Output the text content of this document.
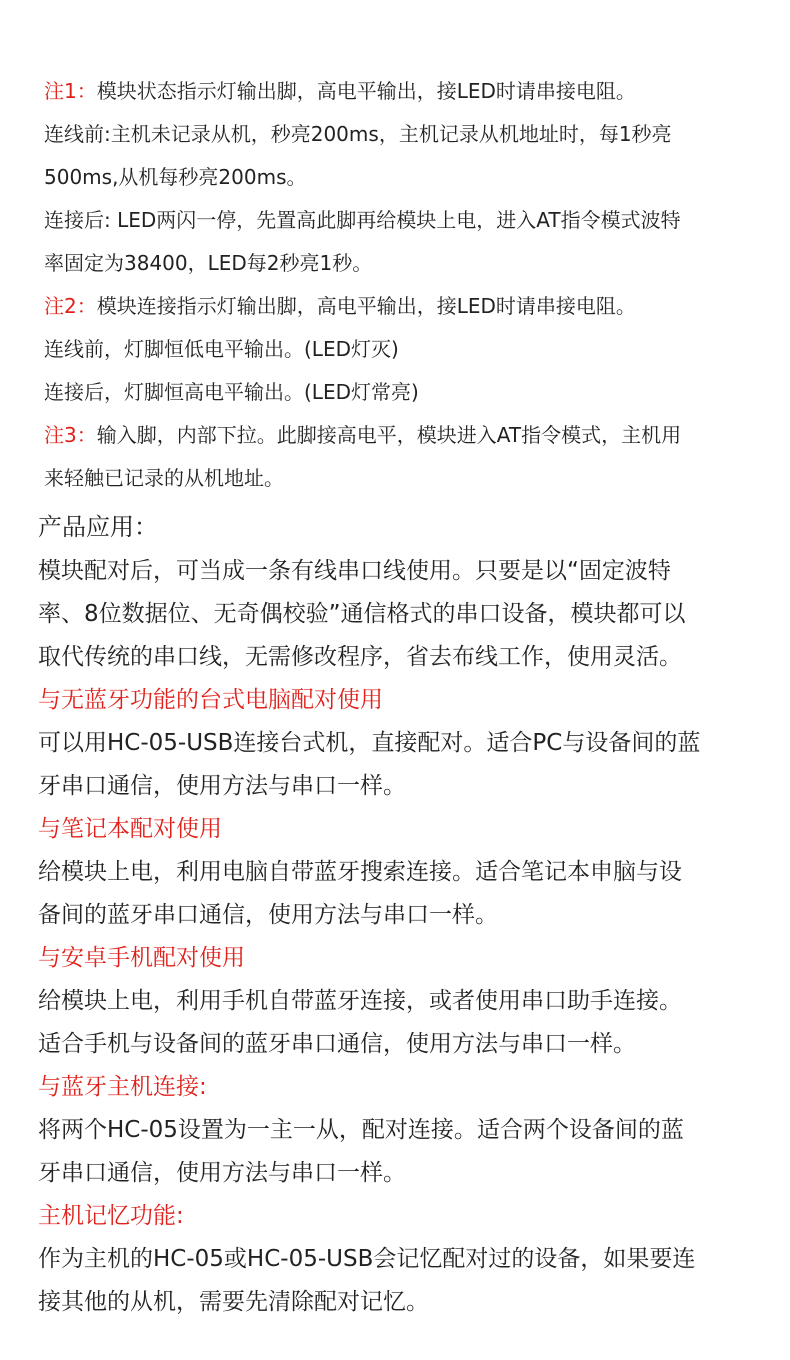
注1：模块状态指示灯输出脚，高电平输出，接LED时请串接电阻。
连线前:主机未记录从机，秒亮200ms，主机记录从机地址时，每1秒亮
500ms,从机每秒亮200ms。
连接后: LED两闪一停，先置高此脚再给模块上电，进入AT指令模式波特
率固定为38400，LED每2秒亮1秒。
注2：模块连接指示灯输出脚，高电平输出，接LED时请串接电阻。
连线前，灯脚恒低电平输出。(LED灯灭)
连接后，灯脚恒高电平输出。(LED灯常亮)
注3：输入脚，内部下拉。此脚接高电平，模块进入AT指令模式，主机用
来轻触已记录的从机地址。
产品应用：
模块配对后，可当成一条有线串口线使用。只要是以“固定波特
率、8位数据位、无奇偶校验”通信格式的串口设备，模块都可以
取代传统的串口线，无需修改程序，省去布线工作，使用灵活。
与无蓝牙功能的台式电脑配对使用
可以用HC-05-USB连接台式机，直接配对。适合PC与设备间的蓝
牙串口通信，使用方法与串口一样。
与笔记本配对使用
给模块上电，利用电脑自带蓝牙搜索连接。适合笔记本申脑与设
备间的蓝牙串口通信，使用方法与串口一样。
与安卓手机配对使用
给模块上电，利用手机自带蓝牙连接，或者使用串口助手连接。
适合手机与设备间的蓝牙串口通信，使用方法与串口一样。
与蓝牙主机连接:
将两个HC-05设置为一主一从，配对连接。适合两个设备间的蓝
牙串口通信，使用方法与串口一样。
主机记忆功能:
作为主机的HC-05或HC-05-USB会记忆配对过的设备，如果要连
接其他的从机，需要先清除配对记忆。
